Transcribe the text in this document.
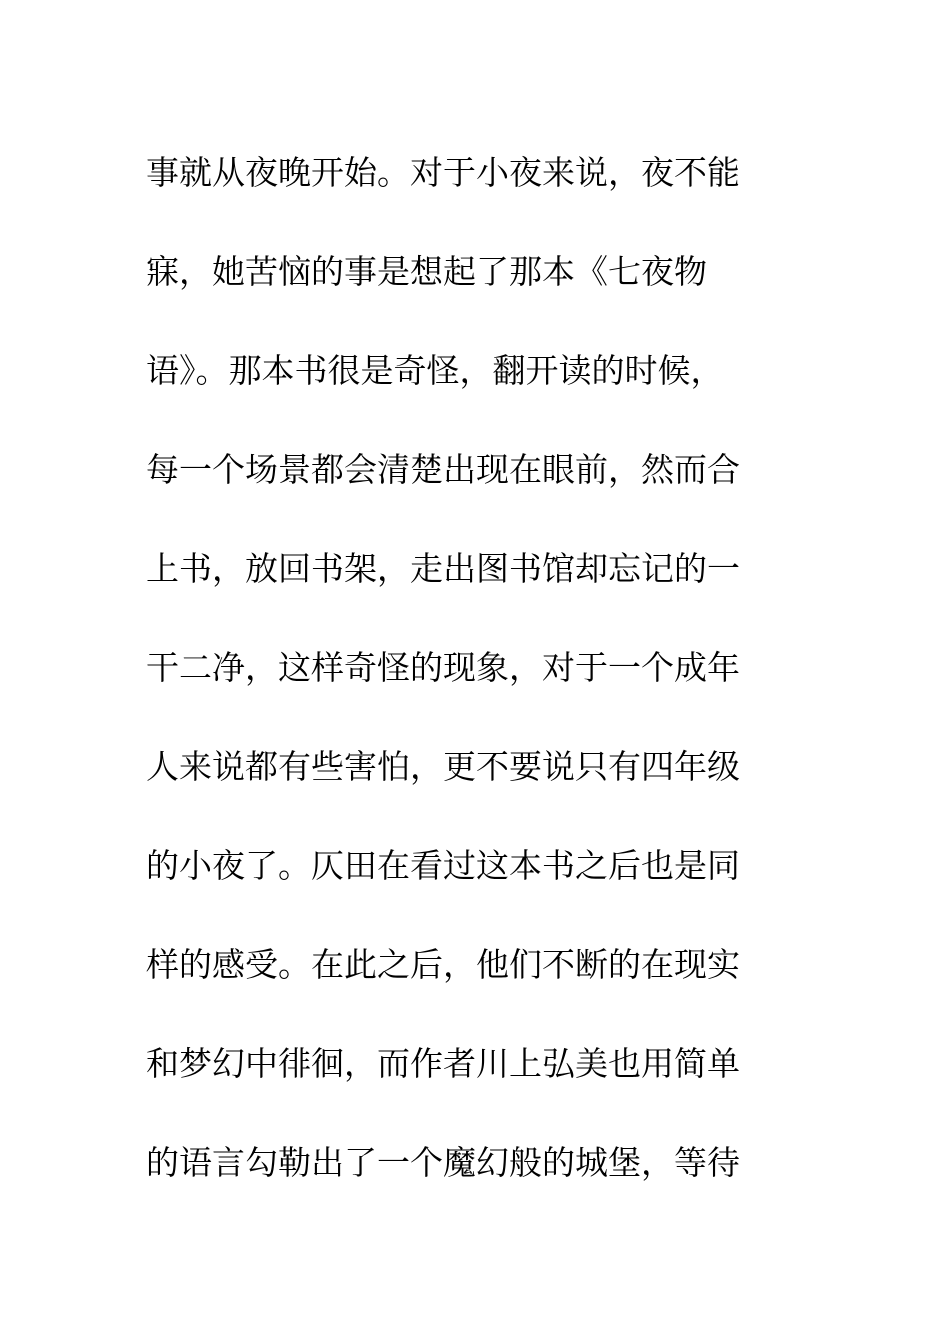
事就从夜晚开始。对于小夜来说，夜不能
寐，她苦恼的事是想起了那本《七夜物
语》。那本书很是奇怪，翻开读的时候，
每一个场景都会清楚出现在眼前，然而合
上书，放回书架，走出图书馆却忘记的一
干二净，这样奇怪的现象，对于一个成年
人来说都有些害怕，更不要说只有四年级
的小夜了。仄田在看过这本书之后也是同
样的感受。在此之后，他们不断的在现实
和梦幻中徘徊，而作者川上弘美也用简单
的语言勾勒出了一个魔幻般的城堡，等待
